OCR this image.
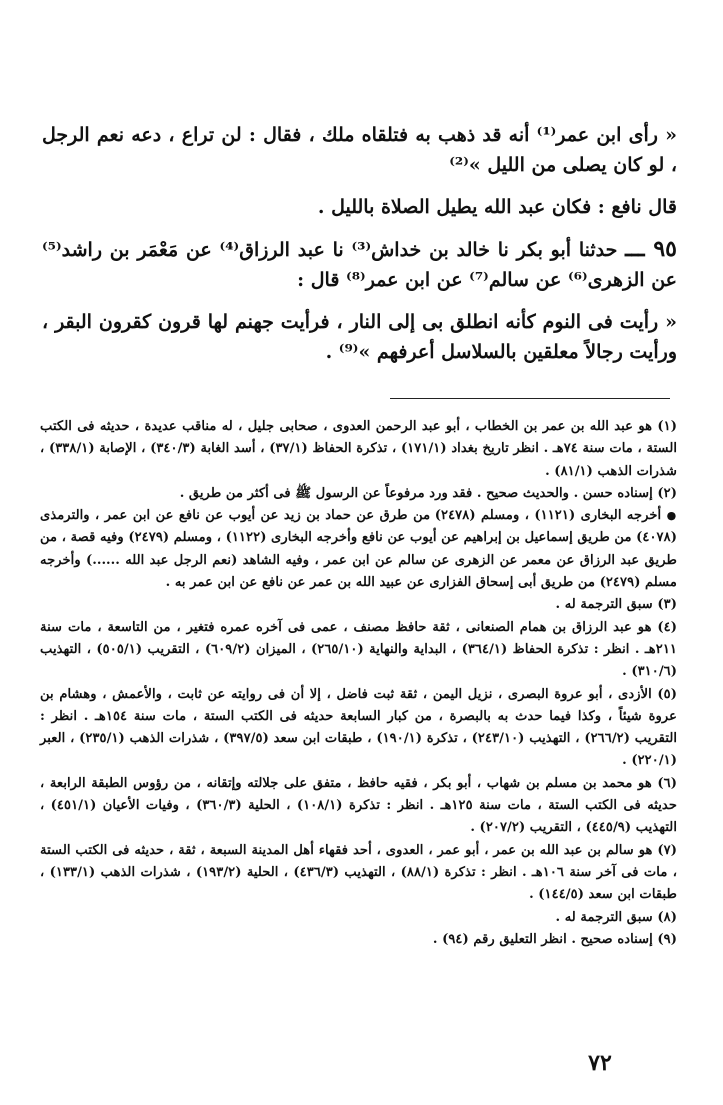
« رأى ابن عمر⁽¹⁾ أنه قد ذهب به فتلقاه ملك ، فقال : لن تراع ، دعه نعم الرجل ، لو كان يصلى من الليل »⁽²⁾

قال نافع : فكان عبد الله يطيل الصلاة بالليل .

٩٥ ـــ حدثنا أبو بكر نا خالد بن خداش⁽³⁾ نا عبد الرزاق⁽⁴⁾ عن مَعْمَر بن راشد⁽⁵⁾ عن الزهرى⁽⁶⁾ عن سالم⁽⁷⁾ عن ابن عمر⁽⁸⁾ قال :

« رأيت فى النوم كأنه انطلق بى إلى النار ، فرأيت جهنم لها قرون كقرون البقر ، ورأيت رجالاً معلقين بالسلاسل أعرفهم »⁽⁹⁾ .

(١) هو عبد الله بن عمر بن الخطاب ، أبو عبد الرحمن العدوى ، صحابى جليل ، له مناقب عديدة ، حديثه فى الكتب الستة ، مات سنة ٧٤هـ . انظر تاريخ بغداد (١٧١/١) ، تذكرة الحفاظ (٣٧/١) ، أسد الغابة (٣٤٠/٣) ، الإصابة (٣٣٨/١) ، شذرات الذهب (٨١/١) .

(٢) إسناده حسن . والحديث صحيح . فقد ورد مرفوعاً عن الرسول ﷺ فى أكثر من طريق .

● أخرجه البخارى (١١٢١) ، ومسلم (٢٤٧٨) من طرق عن حماد بن زيد عن أيوب عن نافع عن ابن عمر ، والترمذى (٤٠٧٨) من طريق إسماعيل بن إبراهيم عن أيوب عن نافع وأخرجه البخارى (١١٢٢) ، ومسلم (٢٤٧٩) وفيه قصة ، من طريق عبد الرزاق عن معمر عن الزهرى عن سالم عن ابن عمر ، وفيه الشاهد (نعم الرجل عبد الله ......) وأخرجه مسلم (٢٤٧٩) من طريق أبى إسحاق الفزارى عن عبيد الله بن عمر عن نافع عن ابن عمر به .

(٣) سبق الترجمة له .

(٤) هو عبد الرزاق بن همام الصنعانى ، ثقة حافظ مصنف ، عمى فى آخره عمره فتغير ، من التاسعة ، مات سنة ٢١١هـ . انظر : تذكرة الحفاظ (٣٦٤/١) ، البداية والنهاية (٢٦٥/١٠) ، الميزان (٦٠٩/٢) ، التقريب (٥٠٥/١) ، التهذيب (٣١٠/٦) .

(٥) الأزدى ، أبو عروة البصرى ، نزيل اليمن ، ثقة ثبت فاضل ، إلا أن فى روايته عن ثابت ، والأعمش ، وهشام بن عروة شيئاً ، وكذا فيما حدث به بالبصرة ، من كبار السابعة حديثه فى الكتب الستة ، مات سنة ١٥٤هـ . انظر : التقريب (٢٦٦/٢) ، التهذيب (٢٤٣/١٠) ، تذكرة (١٩٠/١) ، طبقات ابن سعد (٣٩٧/٥) ، شذرات الذهب (٢٣٥/١) ، العبر (٢٢٠/١) .

(٦) هو محمد بن مسلم بن شهاب ، أبو بكر ، فقيه حافظ ، متفق على جلالته وإتقانه ، من رؤوس الطبقة الرابعة ، حديثه فى الكتب الستة ، مات سنة ١٢٥هـ . انظر : تذكرة (١٠٨/١) ، الحلية (٣٦٠/٣) ، وفيات الأعيان (٤٥١/١) ، التهذيب (٤٤٥/٩) ، التقريب (٢٠٧/٢) .

(٧) هو سالم بن عبد الله بن عمر ، أبو عمر ، العدوى ، أحد فقهاء أهل المدينة السبعة ، ثقة ، حديثه فى الكتب الستة ، مات فى آخر سنة ١٠٦هـ . انظر : تذكرة (٨٨/١) ، التهذيب (٤٣٦/٣) ، الحلية (١٩٣/٢) ، شذرات الذهب (١٣٣/١) ، طبقات ابن سعد (١٤٤/٥) .

(٨) سبق الترجمة له .

(٩) إسناده صحيح . انظر التعليق رقم (٩٤) .

٧٢
